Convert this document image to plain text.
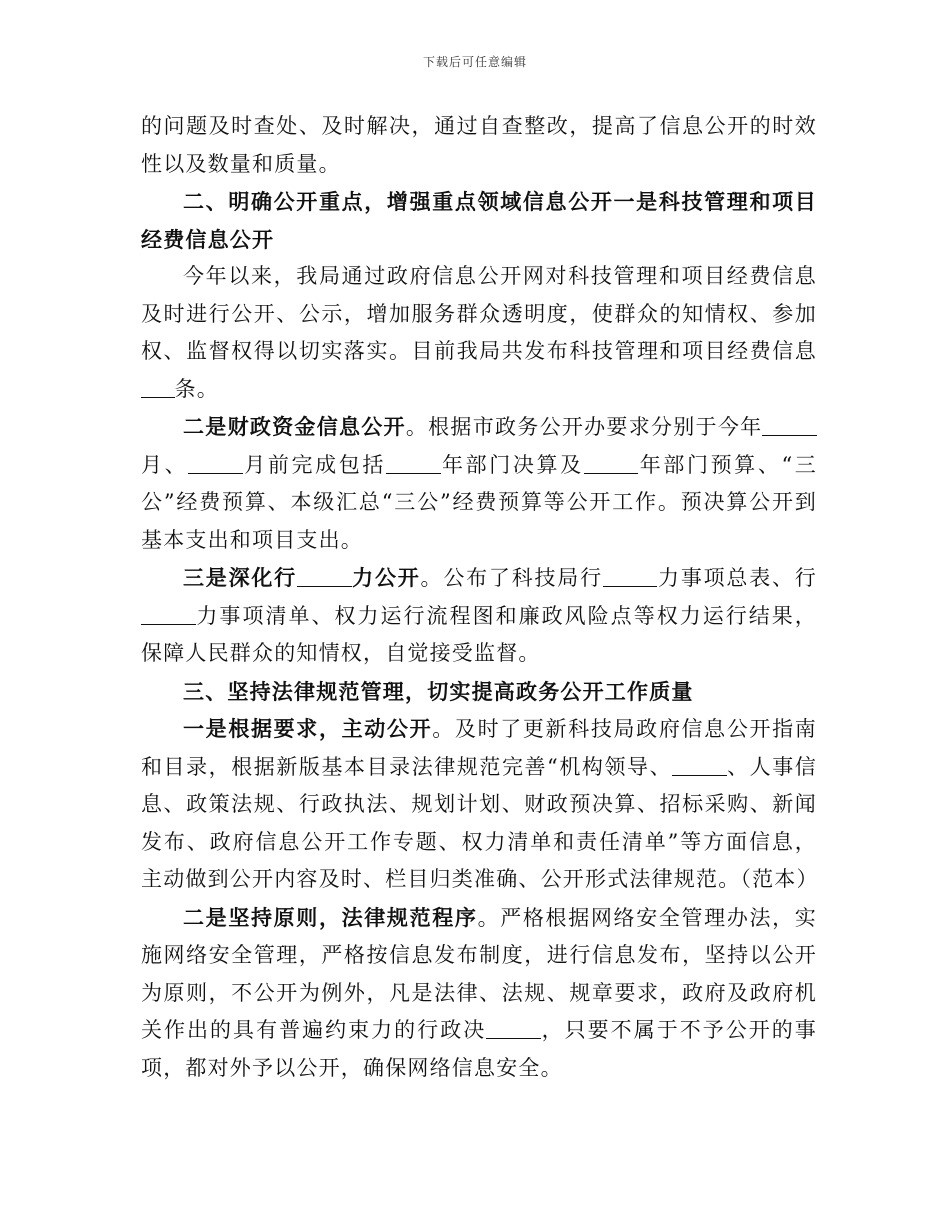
下载后可任意编辑

的问题及时查处、及时解决，通过自查整改，提高了信息公开的时效性以及数量和质量。

二、明确公开重点，增强重点领域信息公开一是科技管理和项目经费信息公开

今年以来，我局通过政府信息公开网对科技管理和项目经费信息及时进行公开、公示，增加服务群众透明度，使群众的知情权、参加权、监督权得以切实落实。目前我局共发布科技管理和项目经费信息条。

二是财政资金信息公开。根据市政务公开办要求分别于今年月、	月前完成包括	年部门决算及	年部门预算、“三公”经费预算、本级汇总“三公”经费预算等公开工作。预决算公开到基本支出和项目支出。

三是深化行	力公开。公布了科技局行	力事项总表、行力事项清单、权力运行流程图和廉政风险点等权力运行结果，保障人民群众的知情权，自觉接受监督。

三、坚持法律规范管理，切实提高政务公开工作质量

一是根据要求，主动公开。及时了更新科技局政府信息公开指南和目录，根据新版基本目录法律规范完善“机构领导、	、人事信息、政策法规、行政执法、规划计划、财政预决算、招标采购、新闻发布、政府信息公开工作专题、权力清单和责任清单”等方面信息，主动做到公开内容及时、栏目归类准确、公开形式法律规范。（范本）

二是坚持原则，法律规范程序。严格根据网络安全管理办法，实施网络安全管理，严格按信息发布制度，进行信息发布，坚持以公开为原则，不公开为例外，凡是法律、法规、规章要求，政府及政府机关作出的具有普遍约束力的行政决	，只要不属于不予公开的事项，都对外予以公开，确保网络信息安全。
